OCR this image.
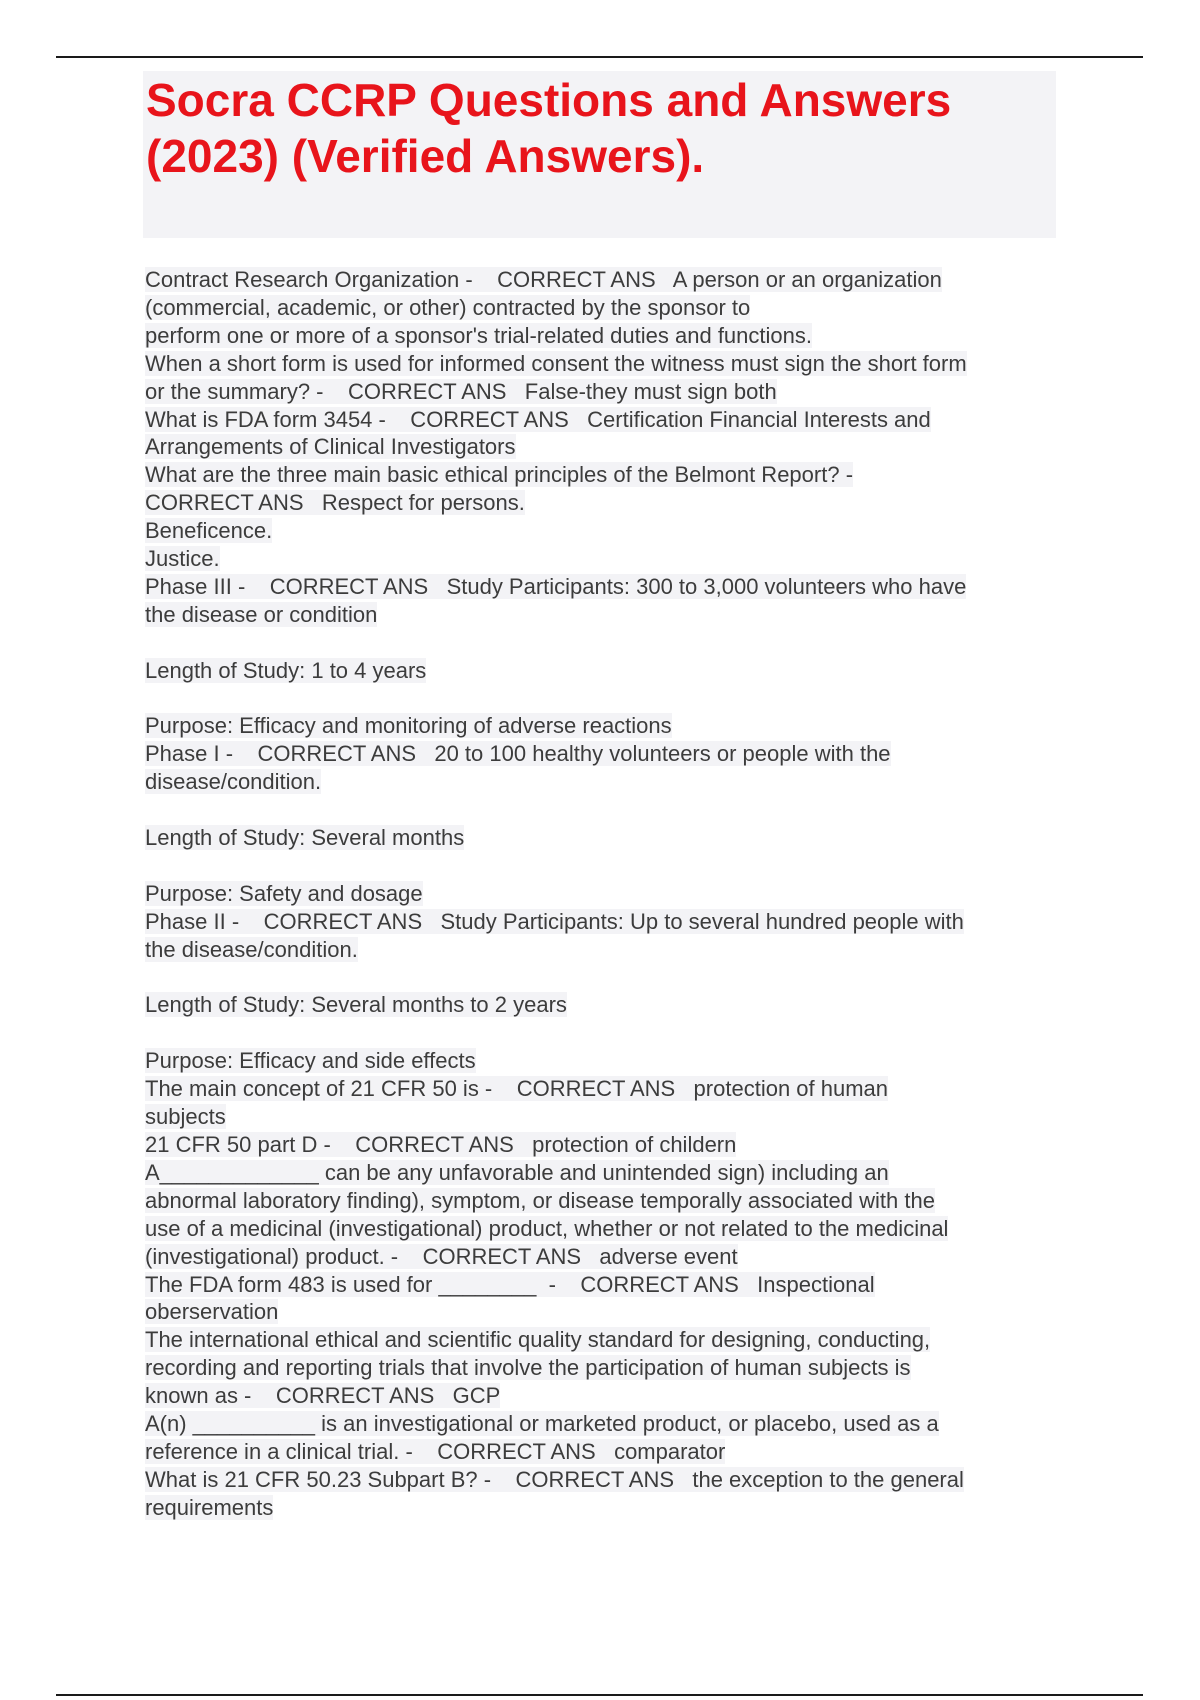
Socra CCRP Questions and Answers
(2023) (Verified Answers).
Contract Research Organization -    CORRECT ANS   A person or an organization
(commercial, academic, or other) contracted by the sponsor to
perform one or more of a sponsor's trial-related duties and functions.
When a short form is used for informed consent the witness must sign the short form
or the summary? -    CORRECT ANS   False-they must sign both
What is FDA form 3454 -    CORRECT ANS   Certification Financial Interests and
Arrangements of Clinical Investigators
What are the three main basic ethical principles of the Belmont Report? -
CORRECT ANS   Respect for persons.
Beneficence.
Justice.
Phase III -    CORRECT ANS   Study Participants: 300 to 3,000 volunteers who have
the disease or condition
Length of Study: 1 to 4 years
Purpose: Efficacy and monitoring of adverse reactions
Phase I -    CORRECT ANS   20 to 100 healthy volunteers or people with the
disease/condition.
Length of Study: Several months
Purpose: Safety and dosage
Phase II -    CORRECT ANS   Study Participants: Up to several hundred people with
the disease/condition.
Length of Study: Several months to 2 years
Purpose: Efficacy and side effects
The main concept of 21 CFR 50 is -    CORRECT ANS   protection of human
subjects
21 CFR 50 part D -    CORRECT ANS   protection of childern
A_____________ can be any unfavorable and unintended sign) including an
abnormal laboratory finding), symptom, or disease temporally associated with the
use of a medicinal (investigational) product, whether or not related to the medicinal
(investigational) product. -    CORRECT ANS   adverse event
The FDA form 483 is used for ________  -    CORRECT ANS   Inspectional
oberservation
The international ethical and scientific quality standard for designing, conducting,
recording and reporting trials that involve the participation of human subjects is
known as -    CORRECT ANS   GCP
A(n) __________ is an investigational or marketed product, or placebo, used as a
reference in a clinical trial. -    CORRECT ANS   comparator
What is 21 CFR 50.23 Subpart B? -    CORRECT ANS   the exception to the general
requirements
